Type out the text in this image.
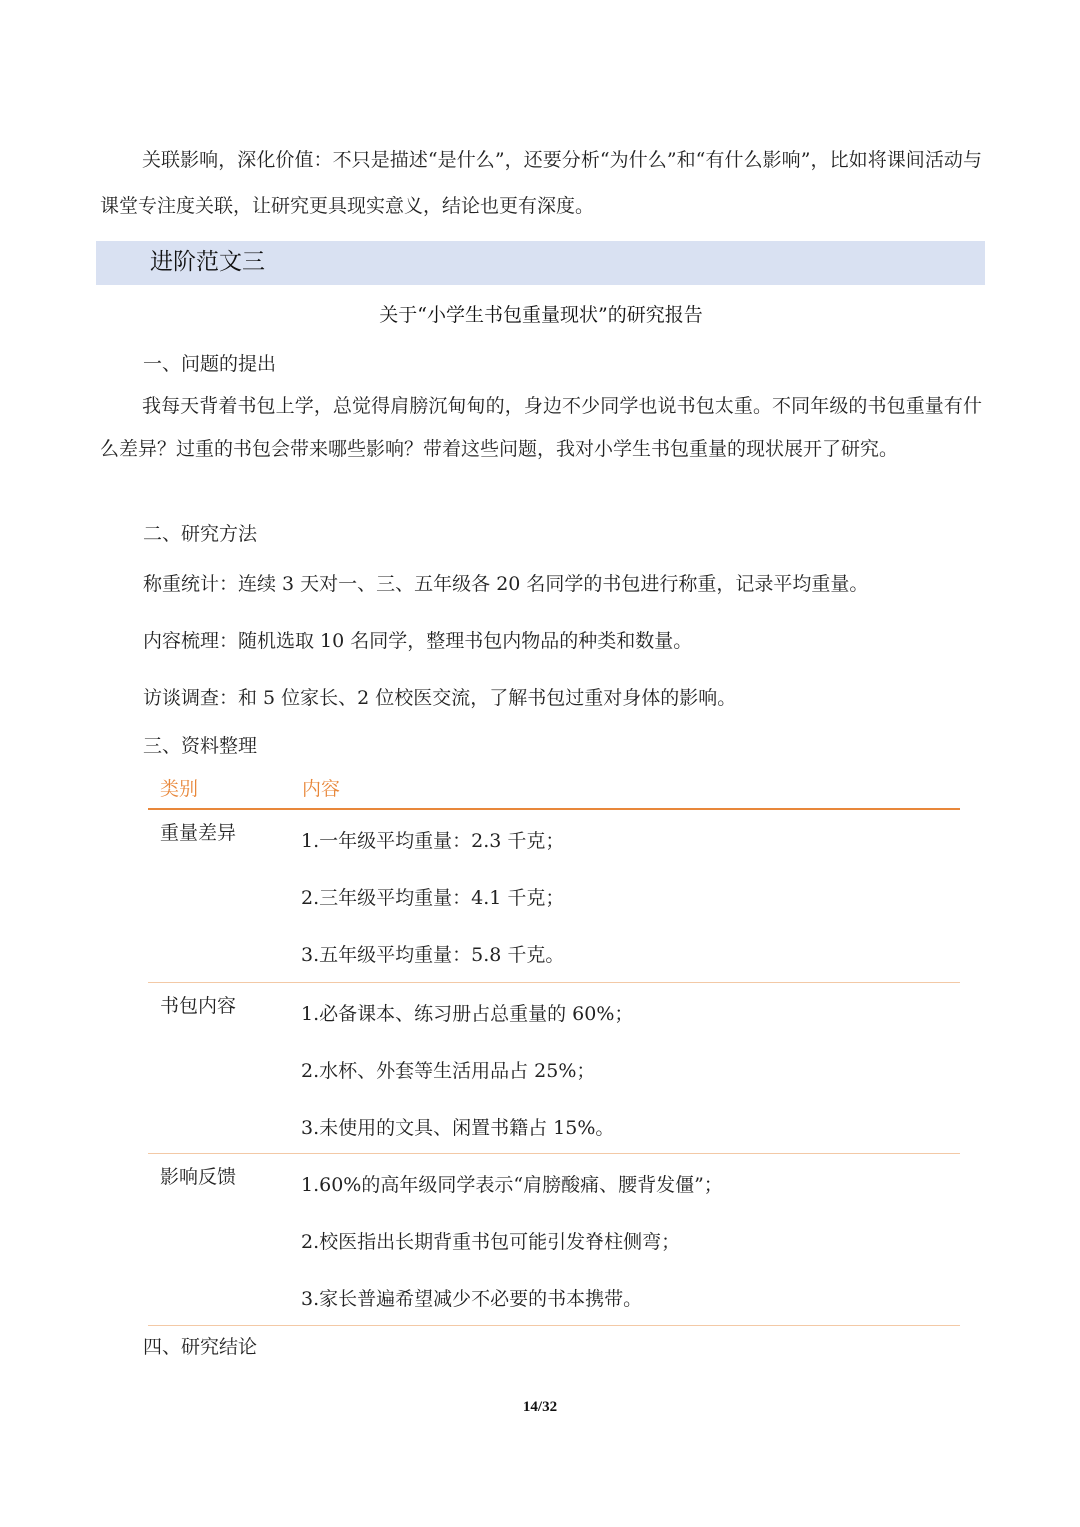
关联影响，深化价值：不只是描述“是什么”，还要分析“为什么”和“有什么影响”，比如将课间活动与课堂专注度关联，让研究更具现实意义，结论也更有深度。

进阶范文三
关于“小学生书包重量现状”的研究报告

一、问题的提出

我每天背着书包上学，总觉得肩膀沉甸甸的，身边不少同学也说书包太重。不同年级的书包重量有什么差异？过重的书包会带来哪些影响？带着这些问题，我对小学生书包重量的现状展开了研究。

二、研究方法

称重统计：连续 3 天对一、三、五年级各 20 名同学的书包进行称重，记录平均重量。
内容梳理：随机选取 10 名同学，整理书包内物品的种类和数量。
访谈调查：和 5 位家长、2 位校医交流，了解书包过重对身体的影响。

三、资料整理

类别	内容
重量差异	1.一年级平均重量：2.3 千克；
2.三年级平均重量：4.1 千克；
3.五年级平均重量：5.8 千克。
书包内容	1.必备课本、练习册占总重量的 60%；
2.水杯、外套等生活用品占 25%；
3.未使用的文具、闲置书籍占 15%。
影响反馈	1.60%的高年级同学表示“肩膀酸痛、腰背发僵”；
2.校医指出长期背重书包可能引发脊柱侧弯；
3.家长普遍希望减少不必要的书本携带。

四、研究结论

14/32
